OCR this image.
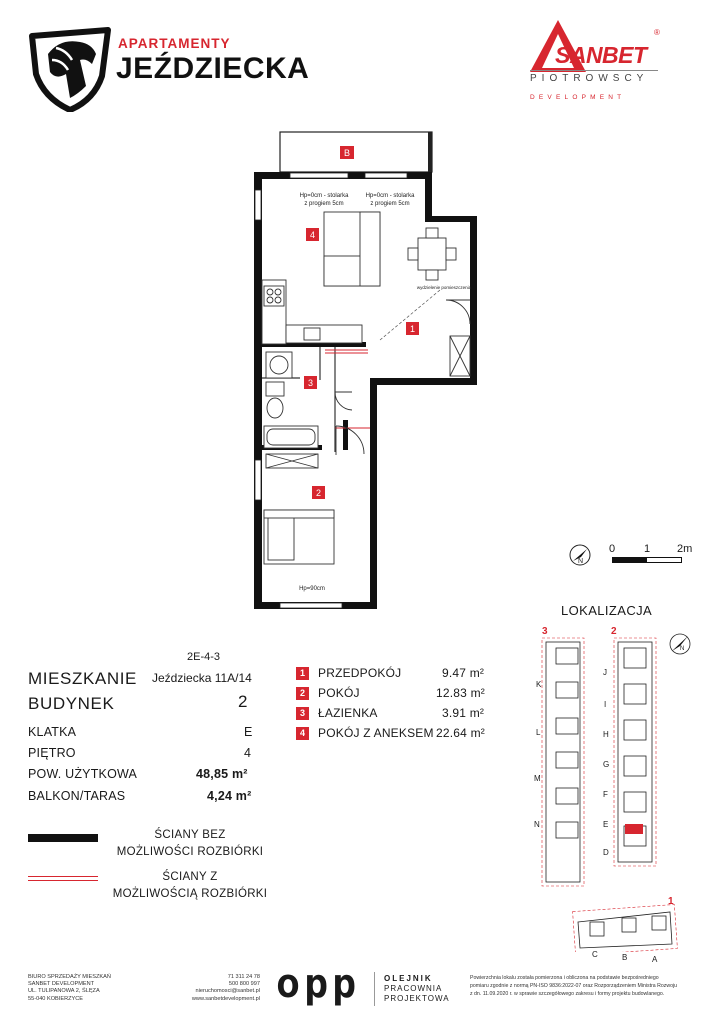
APARTAMENTY
JEŹDZIECKA	SANBET
®
PIOTROWSCY
DEVELOPMENT
B
4
1
3
2
Hp=0cm - stolarka
z progiem 5cm
Hp=0cm - stolarka
z progiem 5cm
Hp=90cm
wydzielenie pomieszczenia
N
0	1 2m
LOKALIZACJA
3	2
1
N
K
L
M
N
J
I
H
G
F
E
D
C	B	A
2E-4-3
MIESZKANIE Jeździecka 11A/14
BUDYNEK	2
KLATKA	E
PIĘTRO	4
POW. UŻYTKOWA	48,85 m²
BALKON/TARAS	4,24 m²
1	PRZEDPOKÓJ	9.47 m²
2	POKÓJ	12.83 m²
3	ŁAZIENKA	3.91 m²
4	POKÓJ Z ANEKSEM 22.64 m²
ŚCIANY BEZ
MOŻLIWOŚCI ROZBIÓRKI
ŚCIANY Z
MOŻLIWOŚCIĄ ROZBIÓRKI
BIURO SPRZEDAŻY MIESZKAŃ
SANBET DEVELOPMENT
UL. TULIPANOWA 2, ŚLĘZA
55-040 KOBIERZYCE
71 311 24 78
500 800 997
nieruchomosci@sanbet.pl
www.sanbetdevelopment.pl opp	OLEJNIK
PRACOWNIA
PROJEKTOWA
Powierzchnia lokalu została pomierzona i obliczona na podstawie bezpośredniego
pomiaru zgodnie z normą PN-ISO 9836:2022-07 oraz Rozporządzeniem Ministra Rozwoju
z dn. 11.09.2020 r. w sprawie szczegółowego zakresu i formy projektu budowlanego.
